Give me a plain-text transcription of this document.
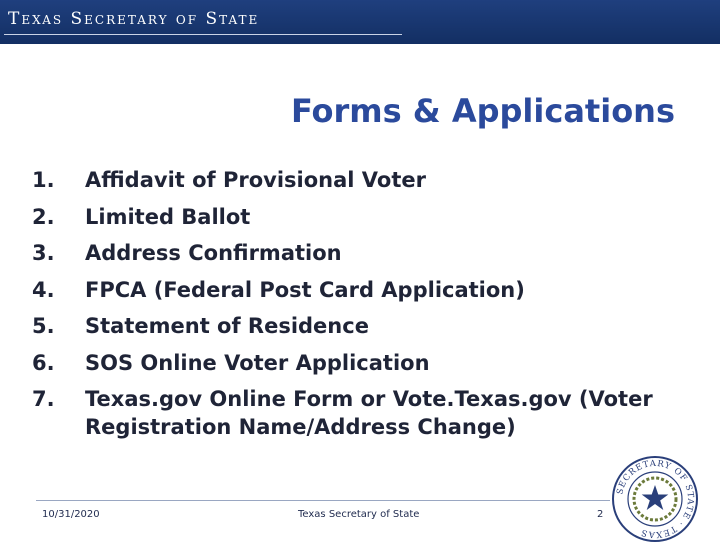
Texas Secretary of State
Forms & Applications
1.	Affidavit of Provisional Voter
2.	Limited Ballot
3.	Address Confirmation
4.	FPCA (Federal Post Card Application)
5.	Statement of Residence
6.	SOS Online Voter Application
7.	Texas.gov Online Form or Vote.Texas.gov (Voter Registration Name/Address Change)
10/31/2020	Texas Secretary of State	2
SECRETARY OF STATE · TEXAS
